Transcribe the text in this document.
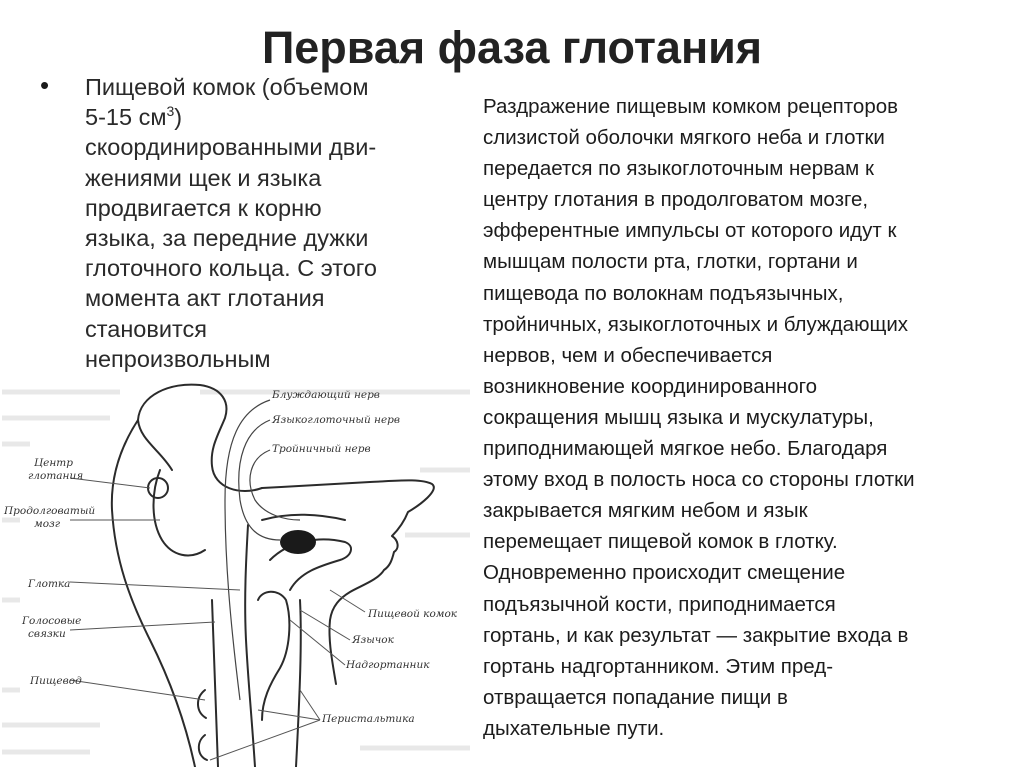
Первая фаза глотания
• Пищевой комок (объемом
5-15 $см^3$)
скоординированными дви-
жениями щек и языка
продвигается к корню
языка, за передние дужки
глоточного кольца. С этого
момента акт глотания
становится
непроизвольным
Раздражение пищевым комком рецепторов
слизистой оболочки мягкого неба и глотки
передается по языкоглоточным нервам к
центру глотания в продолговатом мозге,
эфферентные импульсы от которого идут к
мышцам полости рта, глотки, гортани и
пищевода по волокнам подъязычных,
тройничных, языкоглоточных и блуждающих
нервов, чем и обеспечивается
возникновение координированного
сокращения мышц языка и мускулатуры,
приподнимающей мягкое небо. Благодаря
этому вход в полость носа со стороны глотки
закрывается мягким небом и язык
перемещает пищевой комок в глотку.
Одновременно происходит смещение
подъязычной кости, приподнимается
гортань, и как результат — закрытие входа в
гортань надгортанником. Этим пред-
отвращается попадание пищи в
дыхательные пути.
Блуждающий нерв
Языкоглоточный нерв
Тройничный нерв
Центр
глотания
Продолговатый
мозг
Глотка
Голосовые
связки
Пищевод
Пищевой комок
Язычок
Надгортанник
Перистальтика
